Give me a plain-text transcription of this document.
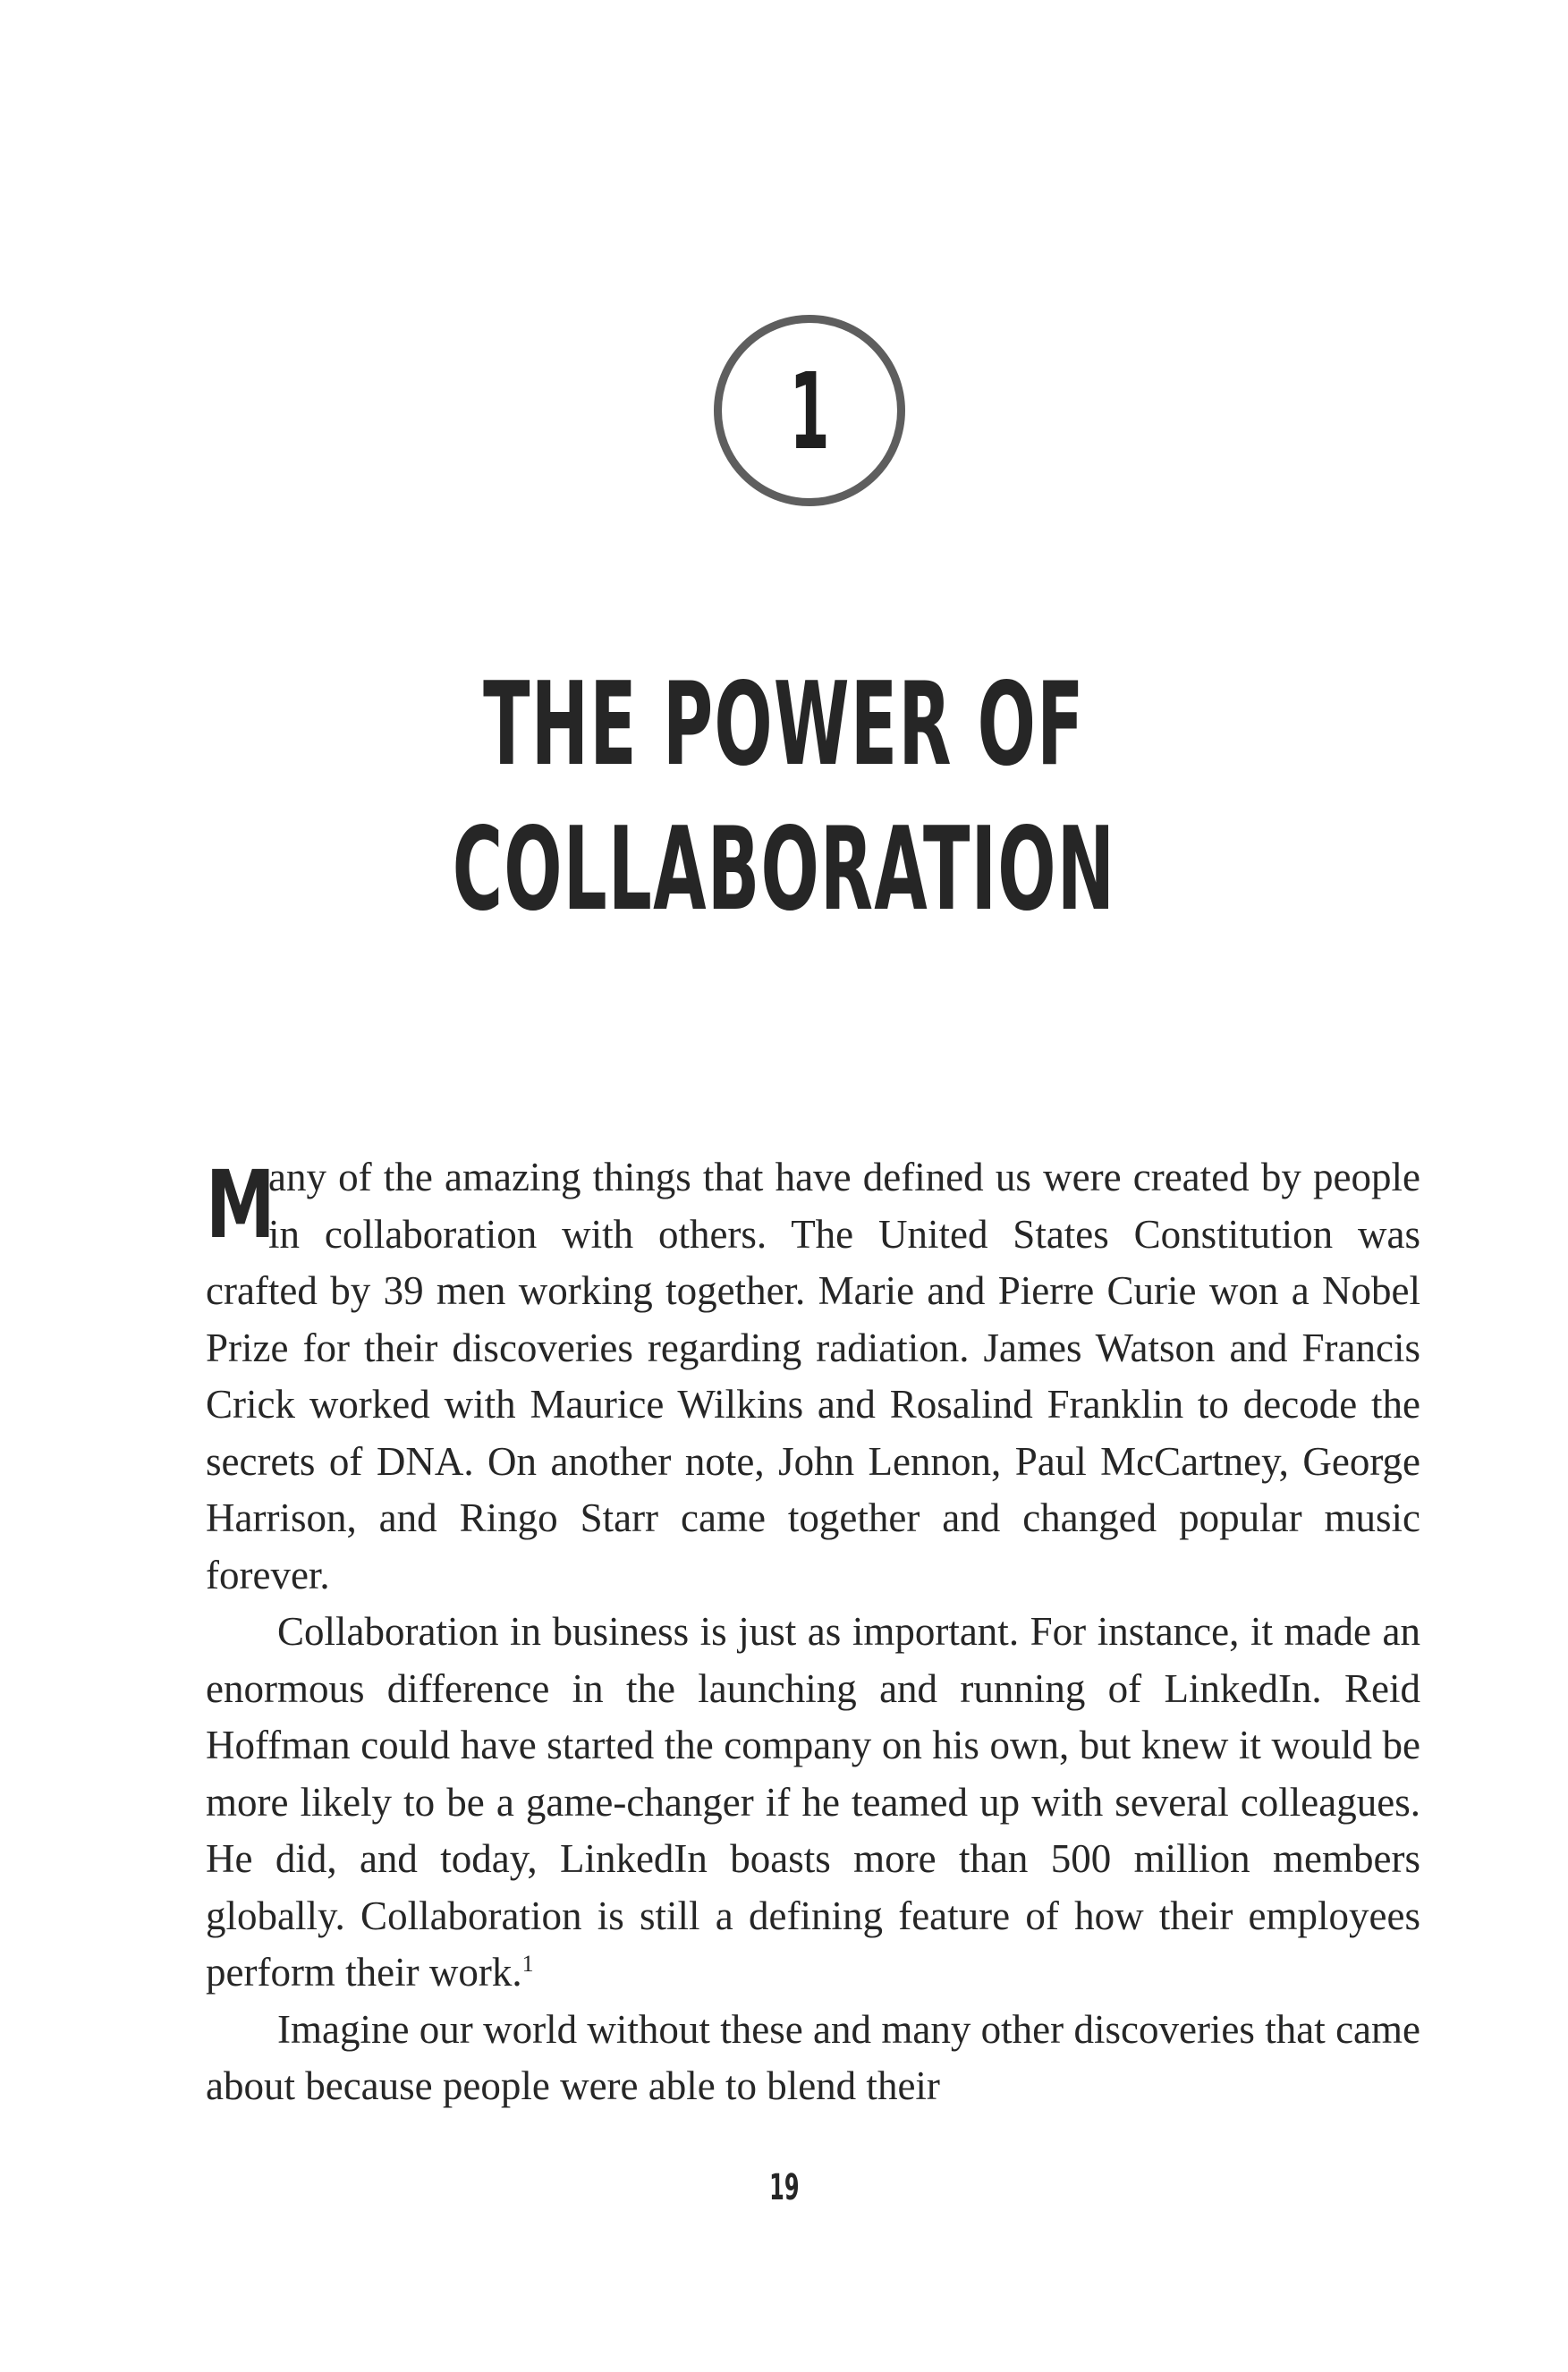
1
THE POWER OF
COLLABORATION

M
any of the amazing things that have defined us were created by people in collaboration with others. The United States Constitution was crafted by 39 men working together. Marie and Pierre Curie won a Nobel Prize for their discoveries regarding radiation. James Watson and Francis Crick worked with Maurice Wilkins and Rosalind Franklin to decode the secrets of DNA. On another note, John Lennon, Paul McCartney, George Harrison, and Ringo Starr came together and changed popular music forever.

Collaboration in business is just as important. For instance, it made an enormous difference in the launching and running of LinkedIn. Reid Hoffman could have started the company on his own, but knew it would be more likely to be a game-changer if he teamed up with several colleagues. He did, and today, LinkedIn boasts more than 500 million members globally. Collaboration is still a defining feature of how their employees perform their work.$^1$

Imagine our world without these and many other discoveries that came about because people were able to blend their

19
